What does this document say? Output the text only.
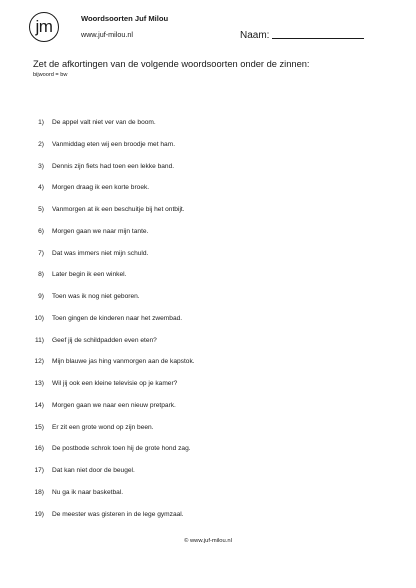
jm	Woordsoorten Juf Milou
www.juf-milou.nl	Naam:
Zet de afkortingen van de volgende woordsoorten onder de zinnen:
bijwoord = bw
1) De appel valt niet ver van de boom.
2) Vanmiddag eten wij een broodje met ham.
3) Dennis zijn fiets had toen een lekke band.
4) Morgen draag ik een korte broek.
5) Vanmorgen at ik een beschuitje bij het ontbijt.
6) Morgen gaan we naar mijn tante.
7) Dat was immers niet mijn schuld.
8) Later begin ik een winkel.
9) Toen was ik nog niet geboren.
10) Toen gingen de kinderen naar het zwembad.
11) Geef jij de schildpadden even eten?
12) Mijn blauwe jas hing vanmorgen aan de kapstok.
13) Wil jij ook een kleine televisie op je kamer?
14) Morgen gaan we naar een nieuw pretpark.
15) Er zit een grote wond op zijn been.
16) De postbode schrok toen hij de grote hond zag.
17) Dat kan niet door de beugel.
18) Nu ga ik naar basketbal.
19) De meester was gisteren in de lege gymzaal.
© www.juf-milou.nl
